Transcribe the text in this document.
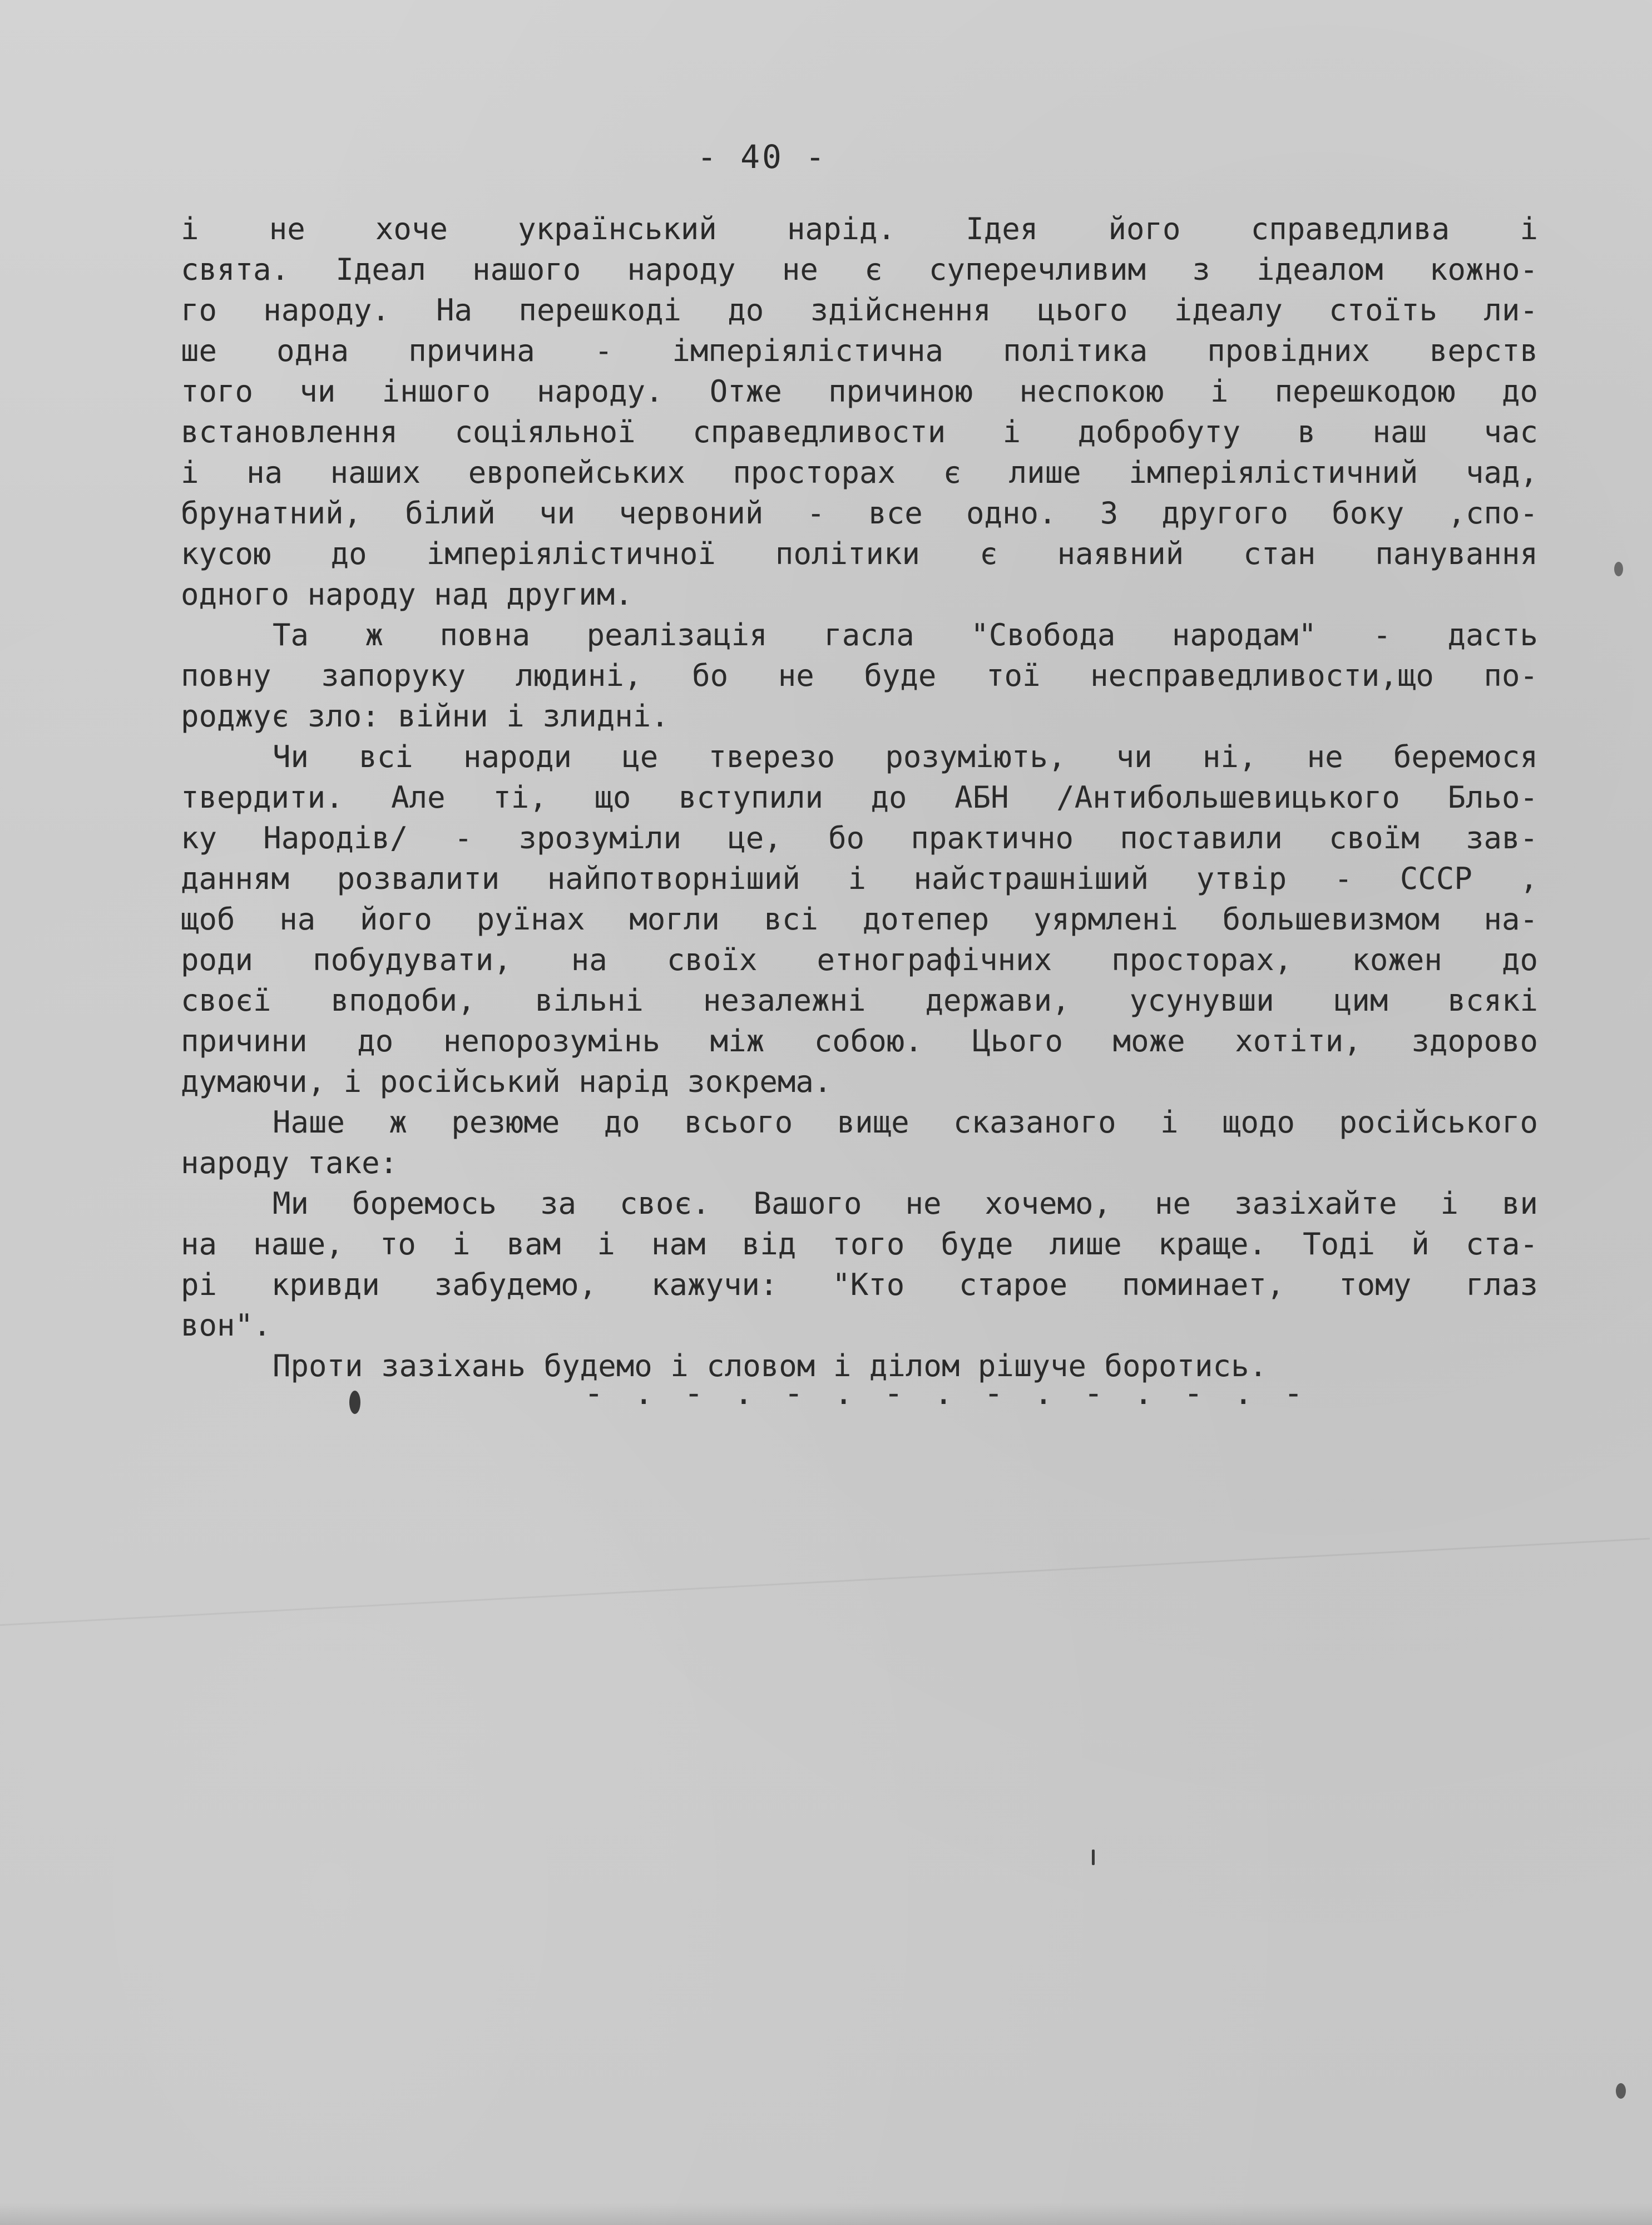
- 40 -
і не хоче український нарід. Ідея його справедлива і
свята. Ідеал нашого народу не є суперечливим з ідеалом кожно-
го народу. На перешкоді до здійснення цього ідеалу стоїть ли-
ше одна причина - імперіялістична політика провідних верств
того чи іншого народу. Отже причиною неспокою і перешкодою до
встановлення соціяльної справедливости і добробуту в наш час
і на наших европейських просторах є лише імперіялістичний чад,
брунатний, білий чи червоний - все одно. З другого боку ,спо-
кусою до імперіялістичної політики є наявний стан панування
одного народу над другим.
Та ж повна реалізація гасла "Свобода народам" - дасть
повну запоруку людині, бо не буде тої несправедливости,що по-
роджує зло: війни і злидні.
Чи всі народи це тверезо розуміють, чи ні, не беремося
твердити. Але ті, що вступили до АБН /Антибольшевицького Бльо-
ку Народів/ - зрозуміли це, бо практично поставили своїм зав-
данням розвалити найпотворніший і найстрашніший утвір - СССР ,
щоб на його руїнах могли всі дотепер уярмлені большевизмом на-
роди побудувати, на своїх етнографічних просторах, кожен до
своєї вподоби, вільні незалежні держави, усунувши цим всякі
причини до непорозумінь між собою. Цього може хотіти, здорово
думаючи, і російський нарід зокрема.
Наше ж резюме до всього вище сказаного і щодо російського
народу таке:
Ми боремось за своє. Вашого не хочемо, не зазіхайте і ви
на наше, то і вам і нам від того буде лише краще. Тоді й ста-
рі кривди забудемо, кажучи: "Кто старое поминает, тому глаз
вон".
Проти зазіхань будемо і словом і ділом рішуче боротись.
- . - . - . - . - . - . - . -
